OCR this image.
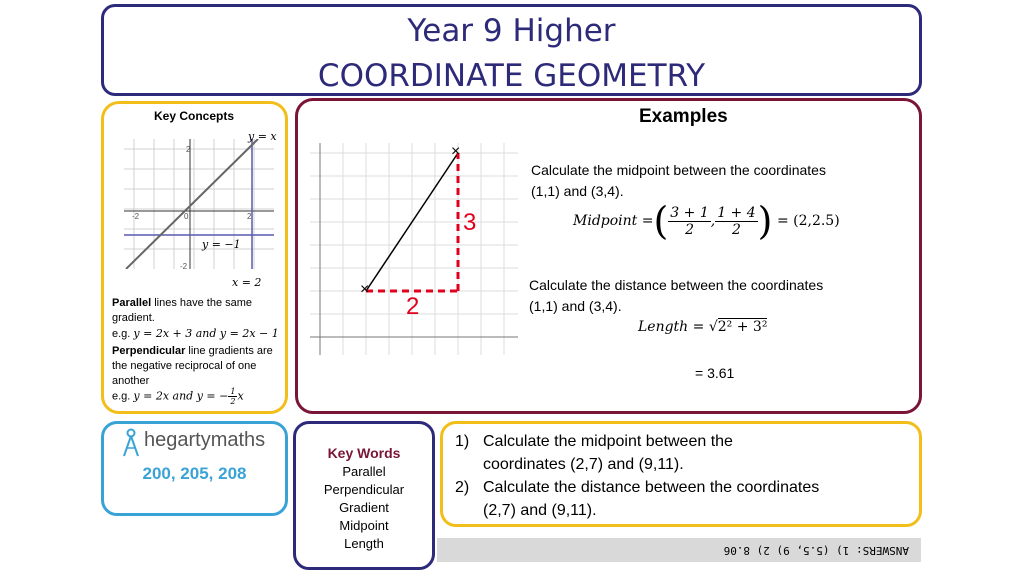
Year 9 Higher
COORDINATE GEOMETRY
Key Concepts
2
0
-2	2
-2
y = x
y = −1
x = 2
Parallel lines have the same
gradient.
e.g. y = 2x + 3 and y = 2x − 1
Perpendicular line gradients are
the negative reciprocal of one
another
e.g. y = 2x and y = − $\frac{1}{2}$ x
Examples
×
×
2
3
Calculate the midpoint between the coordinates
(1,1) and (3,4).
Midpoint =( $\frac{3 + 1}{2}$ , $\frac{1 + 4}{2}$ ) = (2,2.5)
Calculate the distance between the coordinates
(1,1) and (3,4).
Length = √2² + 3²
= 3.61
hegartymaths
200, 205, 208
Key Words
Parallel
Perpendicular
Gradient
Midpoint
Length
1) Calculate the midpoint between the
coordinates (2,7) and (9,11).
2) Calculate the distance between the coordinates
(2,7) and (9,11).
ANSWERS: 1) (5.5, 9) 2) 8.06
